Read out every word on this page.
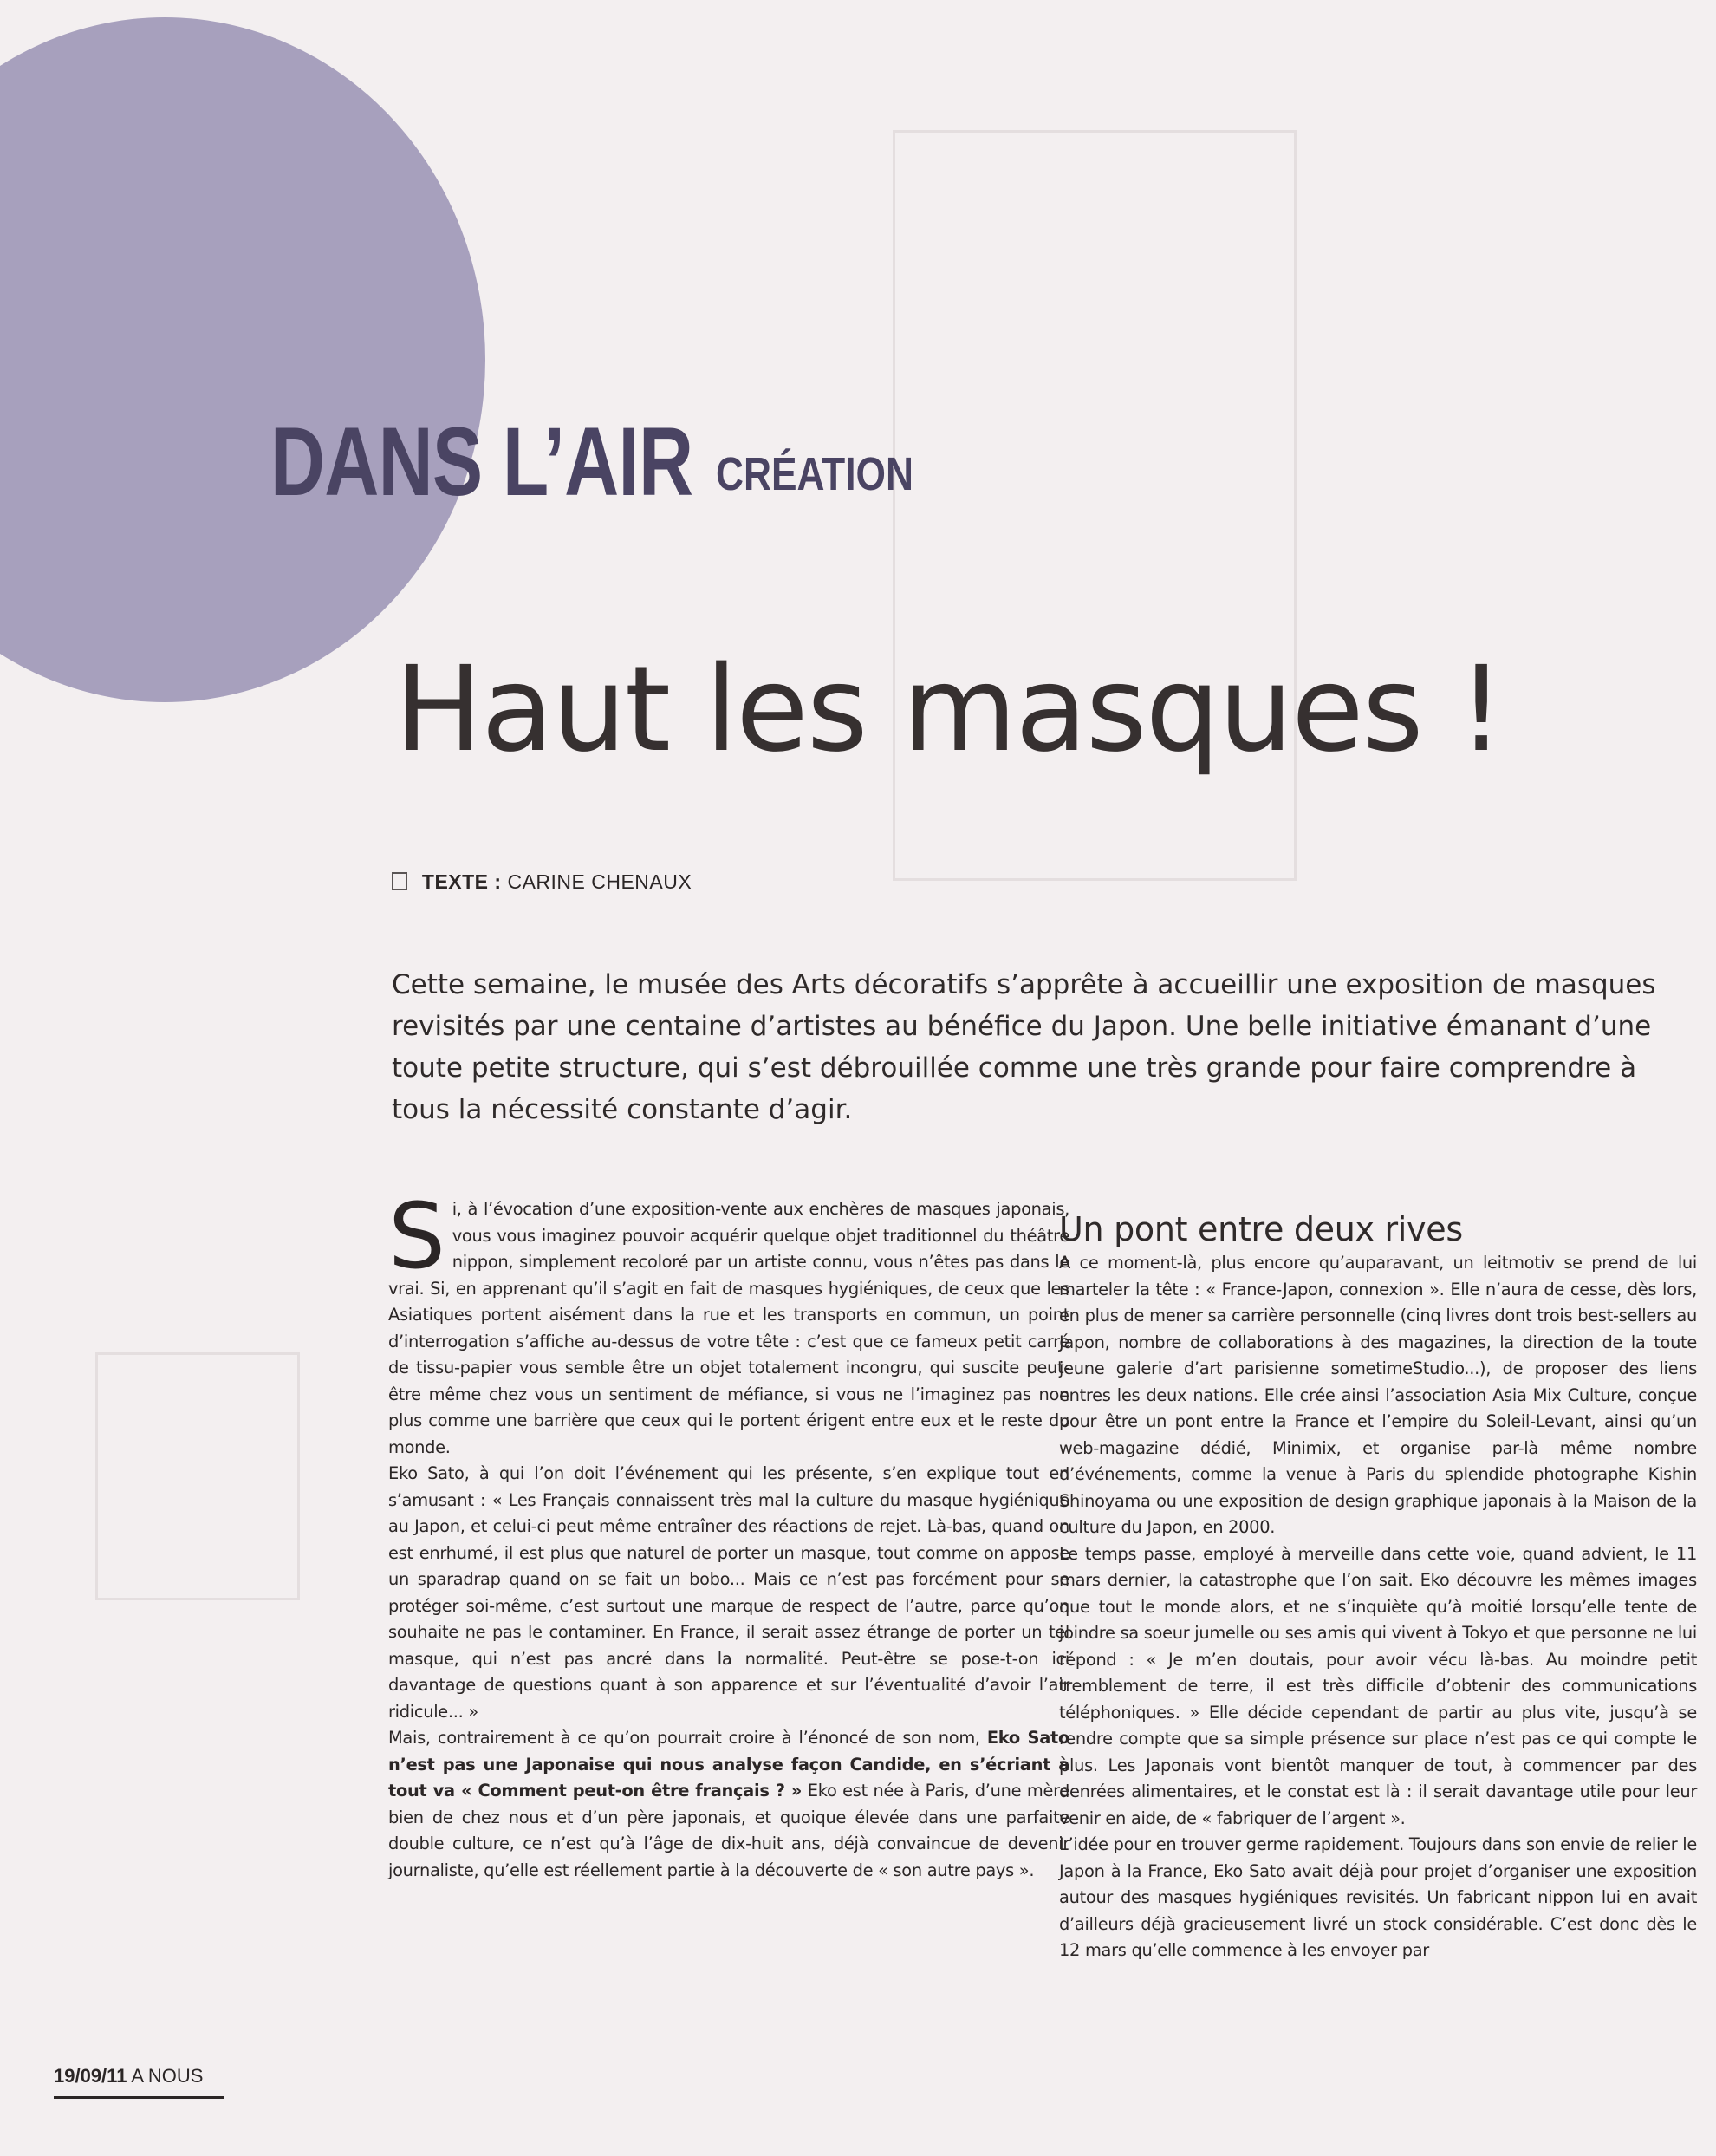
DANS L’AIR CRÉATION
Haut les masques !
TEXTE : CARINE CHENAUX

Cette semaine, le musée des Arts décoratifs s’apprête à accueillir une exposition de masques revisités par une centaine d’artistes au bénéfice du Japon. Une belle initiative émanant d’une toute petite structure, qui s’est débrouillée comme une très grande pour faire comprendre à tous la nécessité constante d’agir.

Si, à l’évocation d’une exposition-vente aux enchères de masques japonais, vous vous imaginez pouvoir acquérir quelque objet traditionnel du théâtre nippon, simplement recoloré par un artiste connu, vous n’êtes pas dans le vrai. Si, en apprenant qu’il s’agit en fait de masques hygiéniques, de ceux que les Asiatiques portent aisément dans la rue et les transports en commun, un point d’interrogation s’affiche au-dessus de votre tête : c’est que ce fameux petit carré de tissu-papier vous semble être un objet totalement incongru, qui suscite peut-être même chez vous un sentiment de méfiance, si vous ne l’imaginez pas non plus comme une barrière que ceux qui le portent érigent entre eux et le reste du monde.

Eko Sato, à qui l’on doit l’événement qui les présente, s’en explique tout en s’amusant : « Les Français connaissent très mal la culture du masque hygiénique au Japon, et celui-ci peut même entraîner des réactions de rejet. Là-bas, quand on est enrhumé, il est plus que naturel de porter un masque, tout comme on appose un sparadrap quand on se fait un bobo... Mais ce n’est pas forcément pour se protéger soi-même, c’est surtout une marque de respect de l’autre, parce qu’on souhaite ne pas le contaminer. En France, il serait assez étrange de porter un tel masque, qui n’est pas ancré dans la normalité. Peut-être se pose-t-on ici davantage de questions quant à son apparence et sur l’éventualité d’avoir l’air ridicule... »

Mais, contrairement à ce qu’on pourrait croire à l’énoncé de son nom, Eko Sato n’est pas une Japonaise qui nous analyse façon Candide, en s’écriant à tout va « Comment peut-on être français ? » Eko est née à Paris, d’une mère bien de chez nous et d’un père japonais, et quoique élevée dans une parfaite double culture, ce n’est qu’à l’âge de dix-huit ans, déjà convaincue de devenir journaliste, qu’elle est réellement partie à la découverte de « son autre pays ».

Un pont entre deux rives

A ce moment-là, plus encore qu’auparavant, un leitmotiv se prend de lui marteler la tête : « France-Japon, connexion ». Elle n’aura de cesse, dès lors, en plus de mener sa carrière personnelle (cinq livres dont trois best-sellers au Japon, nombre de collaborations à des magazines, la direction de la toute jeune galerie d’art parisienne sometimeStudio...), de proposer des liens entres les deux nations. Elle crée ainsi l’association Asia Mix Culture, conçue pour être un pont entre la France et l’empire du Soleil-Levant, ainsi qu’un web-magazine dédié, Minimix, et organise par-là même nombre d’événements, comme la venue à Paris du splendide photographe Kishin Shinoyama ou une exposition de design graphique japonais à la Maison de la culture du Japon, en 2000.

Le temps passe, employé à merveille dans cette voie, quand advient, le 11 mars dernier, la catastrophe que l’on sait. Eko découvre les mêmes images que tout le monde alors, et ne s’inquiète qu’à moitié lorsqu’elle tente de joindre sa soeur jumelle ou ses amis qui vivent à Tokyo et que personne ne lui répond : « Je m’en doutais, pour avoir vécu là-bas. Au moindre petit tremblement de terre, il est très difficile d’obtenir des communications téléphoniques. » Elle décide cependant de partir au plus vite, jusqu’à se rendre compte que sa simple présence sur place n’est pas ce qui compte le plus. Les Japonais vont bientôt manquer de tout, à commencer par des denrées alimentaires, et le constat est là : il serait davantage utile pour leur venir en aide, de « fabriquer de l’argent ».

L’idée pour en trouver germe rapidement. Toujours dans son envie de relier le Japon à la France, Eko Sato avait déjà pour projet d’organiser une exposition autour des masques hygiéniques revisités. Un fabricant nippon lui en avait d’ailleurs déjà gracieusement livré un stock considérable. C’est donc dès le 12 mars qu’elle commence à les envoyer par

19/09/11 A NOUS
